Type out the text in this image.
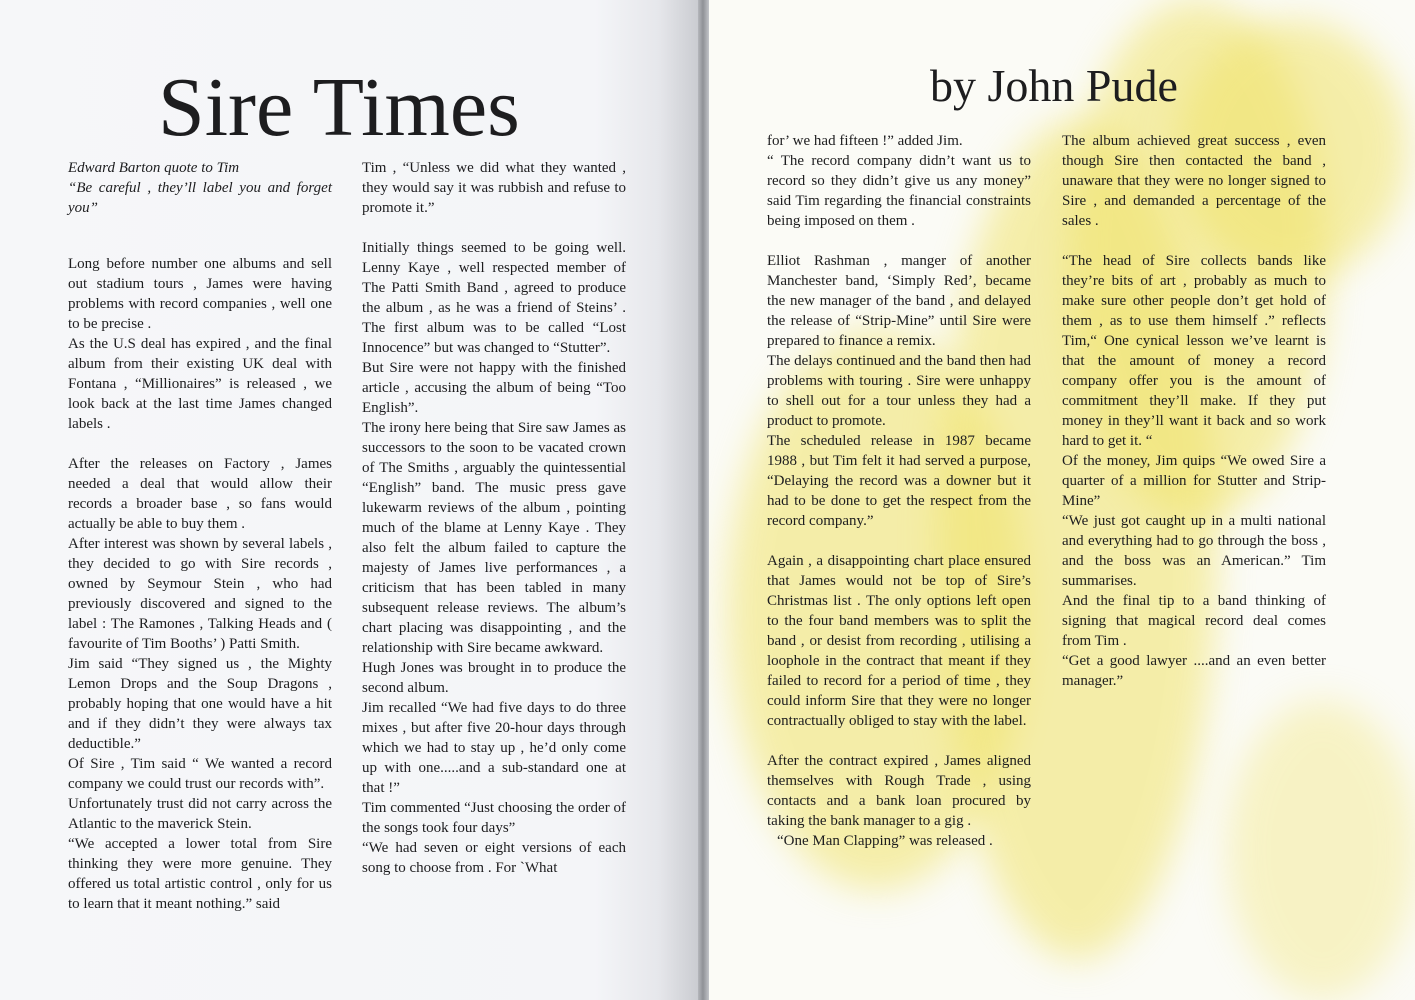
Sire Times	by John Pude

Edward Barton quote to Tim

“Be careful , they’ll label you and forget you”

Long before number one albums and sell out stadium tours , James were having problems with record companies , well one to be precise .

As the U.S deal has expired , and the final album from their existing UK deal with Fontana , “Millionaires” is released , we look back at the last time James changed labels .

After the releases on Factory , James needed a deal that would allow their records a broader base , so fans would actually be able to buy them .

After interest was shown by several labels , they decided to go with Sire records , owned by Seymour Stein , who had previously discovered and signed to the label : The Ramones , Talking Heads and ( favourite of Tim Booths’ ) Patti Smith.

Jim said “They signed us , the Mighty Lemon Drops and the Soup Dragons , probably hoping that one would have a hit and if they didn’t they were always tax deductible.”

Of Sire , Tim said “ We wanted a record company we could trust our records with”.

Unfortunately trust did not carry across the Atlantic to the maverick Stein.

“We accepted a lower total from Sire thinking they were more genuine. They offered us total artistic control , only for us to learn that it meant nothing.” said

Tim , “Unless we did what they wanted , they would say it was rubbish and refuse to promote it.”

Initially things seemed to be going well. Lenny Kaye , well respected member of The Patti Smith Band , agreed to produce the album , as he was a friend of Steins’ . The first album was to be called “Lost Innocence” but was changed to “Stutter”.

But Sire were not happy with the finished article , accusing the album of being “Too English”.

The irony here being that Sire saw James as successors to the soon to be vacated crown of The Smiths , arguably the quintessential “English” band. The music press gave lukewarm reviews of the album , pointing much of the blame at Lenny Kaye . They also felt the album failed to capture the majesty of James live performances , a criticism that has been tabled in many subsequent release reviews. The album’s chart placing was disappointing , and the relationship with Sire became awkward.

Hugh Jones was brought in to produce the second album.

Jim recalled “We had five days to do three mixes , but after five 20-hour days through which we had to stay up , he’d only come up with one.....and a sub-standard one at that !”

Tim commented “Just choosing the order of the songs took four days”

“We had seven or eight versions of each song to choose from . For `What

for’ we had fifteen !” added Jim.

“ The record company didn’t want us to record so they didn’t give us any money” said Tim regarding the financial constraints being imposed on them .

Elliot Rashman , manger of another Manchester band, ‘Simply Red’, became the new manager of the band , and delayed the release of “Strip-Mine” until Sire were prepared to finance a remix.

The delays continued and the band then had problems with touring . Sire were unhappy to shell out for a tour unless they had a product to promote.

The scheduled release in 1987 became 1988 , but Tim felt it had served a purpose, “Delaying the record was a downer but it had to be done to get the respect from the record company.”

Again , a disappointing chart place ensured that James would not be top of Sire’s Christmas list . The only options left open to the four band members was to split the band , or desist from recording , utilising a loophole in the contract that meant if they failed to record for a period of time , they could inform Sire that they were no longer contractually obliged to stay with the label.

After the contract expired , James aligned themselves with Rough Trade , using contacts and a bank loan procured by taking the bank manager to a gig .

“One Man Clapping” was released .

The album achieved great success , even though Sire then contacted the band , unaware that they were no longer signed to Sire , and demanded a percentage of the sales .

“The head of Sire collects bands like they’re bits of art , probably as much to make sure other people don’t get hold of them , as to use them himself .” reflects Tim,“ One cynical lesson we’ve learnt is that the amount of money a record company offer you is the amount of commitment they’ll make. If they put money in they’ll want it back and so work hard to get it. “

Of the money, Jim quips “We owed Sire a quarter of a million for Stutter and Strip-Mine”

“We just got caught up in a multi national and everything had to go through the boss , and the boss was an American.” Tim summarises.

And the final tip to a band thinking of signing that magical record deal comes from Tim .

“Get a good lawyer ....and an even better manager.”
